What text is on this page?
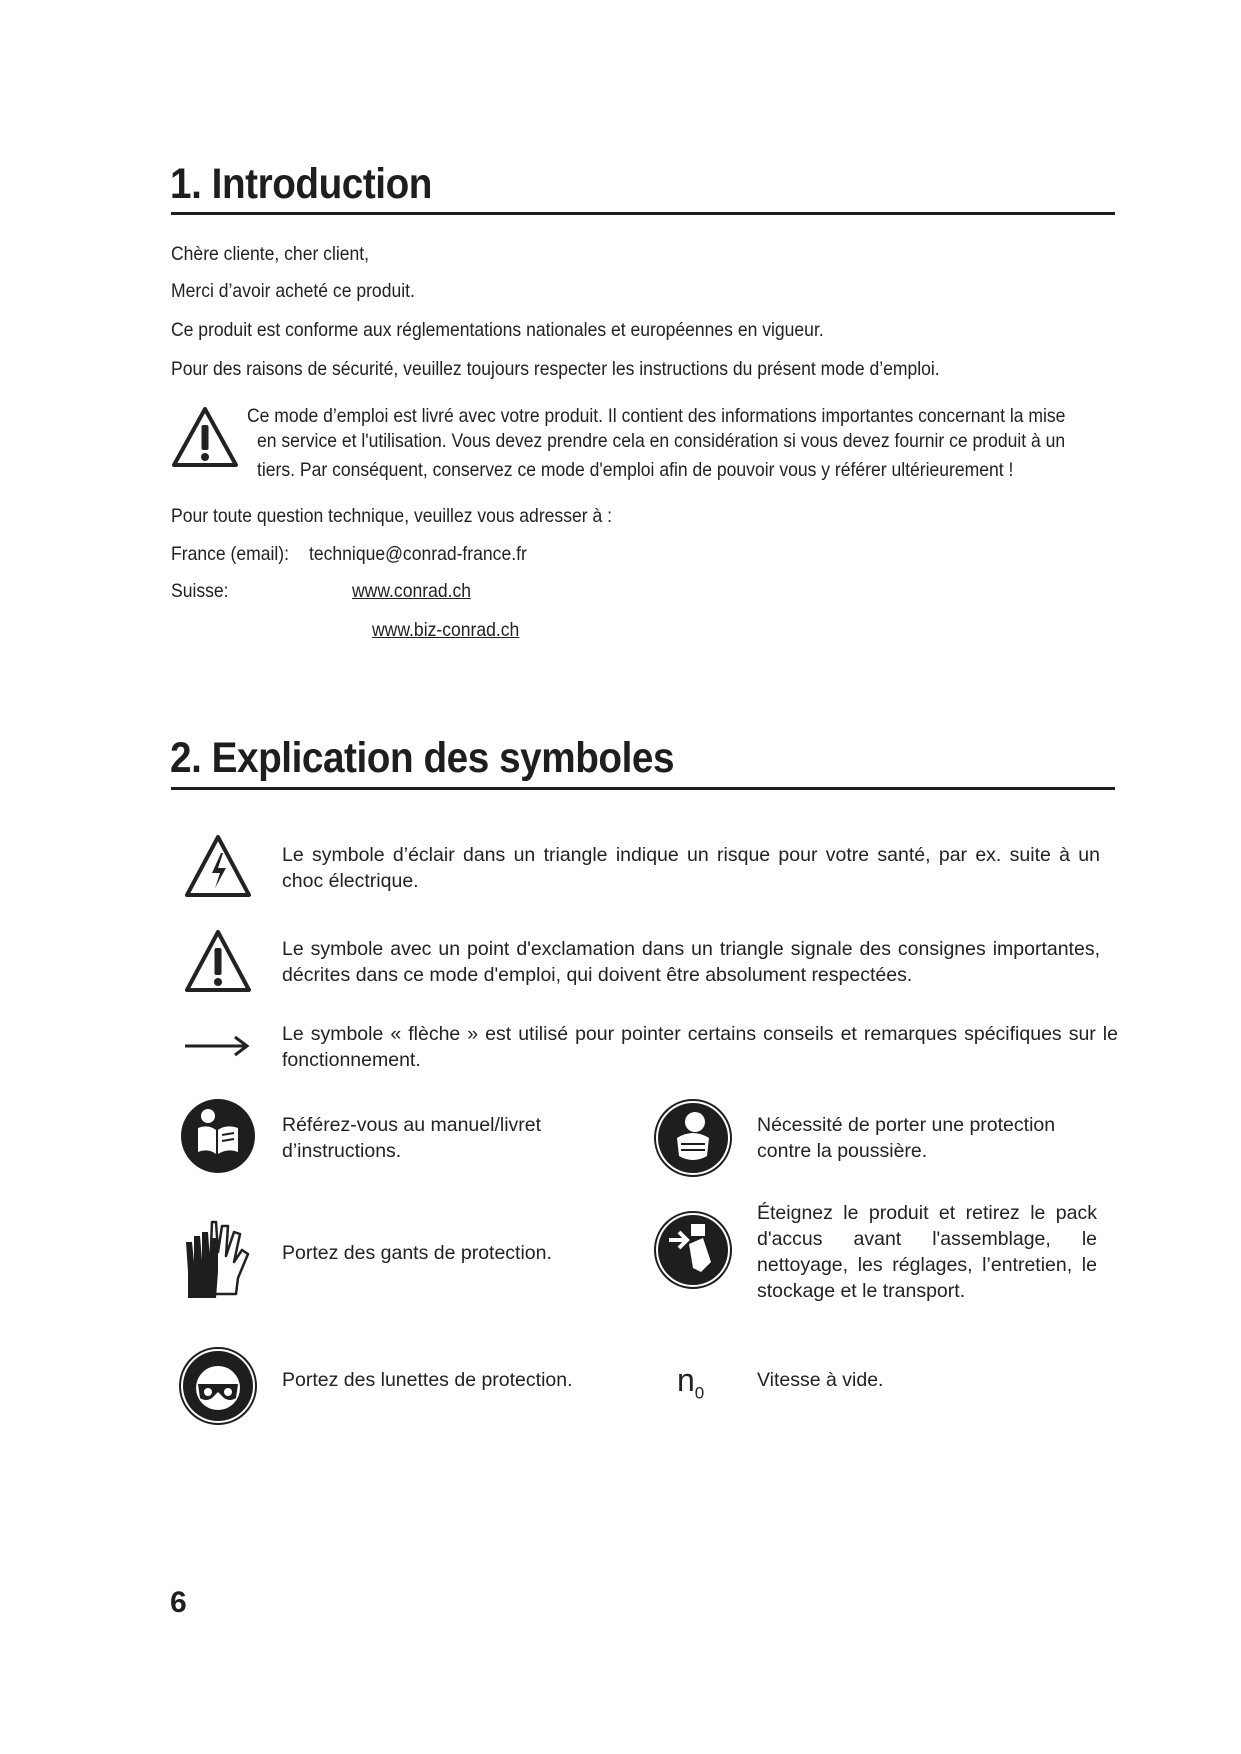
1. Introduction
Chère cliente, cher client,
Merci d’avoir acheté ce produit.
Ce produit est conforme aux réglementations nationales et européennes en vigueur.
Pour des raisons de sécurité, veuillez toujours respecter les instructions du présent mode d’emploi.
Ce mode d’emploi est livré avec votre produit. Il contient des informations importantes concernant la mise
en service et l'utilisation. Vous devez prendre cela en considération si vous devez fournir ce produit à un
tiers. Par conséquent, conservez ce mode d'emploi afin de pouvoir vous y référer ultérieurement !
Pour toute question technique, veuillez vous adresser à :
France (email): technique@conrad-france.fr
Suisse:	www.conrad.ch
www.biz-conrad.ch
2. Explication des symboles
Le symbole d’éclair dans un triangle indique un risque pour votre santé, par ex. suite à un choc électrique.
Le symbole avec un point d'exclamation dans un triangle signale des consignes importantes, décrites dans ce mode d'emploi, qui doivent être absolument respectées.
Le symbole « flèche » est utilisé pour pointer certains conseils et remarques spécifiques sur le fonctionnement.
Référez-vous au manuel/livret d’instructions.
Nécessité de porter une protection contre la poussière.
Portez des gants de protection.
Éteignez le produit et retirez le pack d'accus avant l'assemblage, le nettoyage, les réglages, l’entretien, le stockage et le transport.
Portez des lunettes de protection.	$n_0$
Vitesse à vide.
6
